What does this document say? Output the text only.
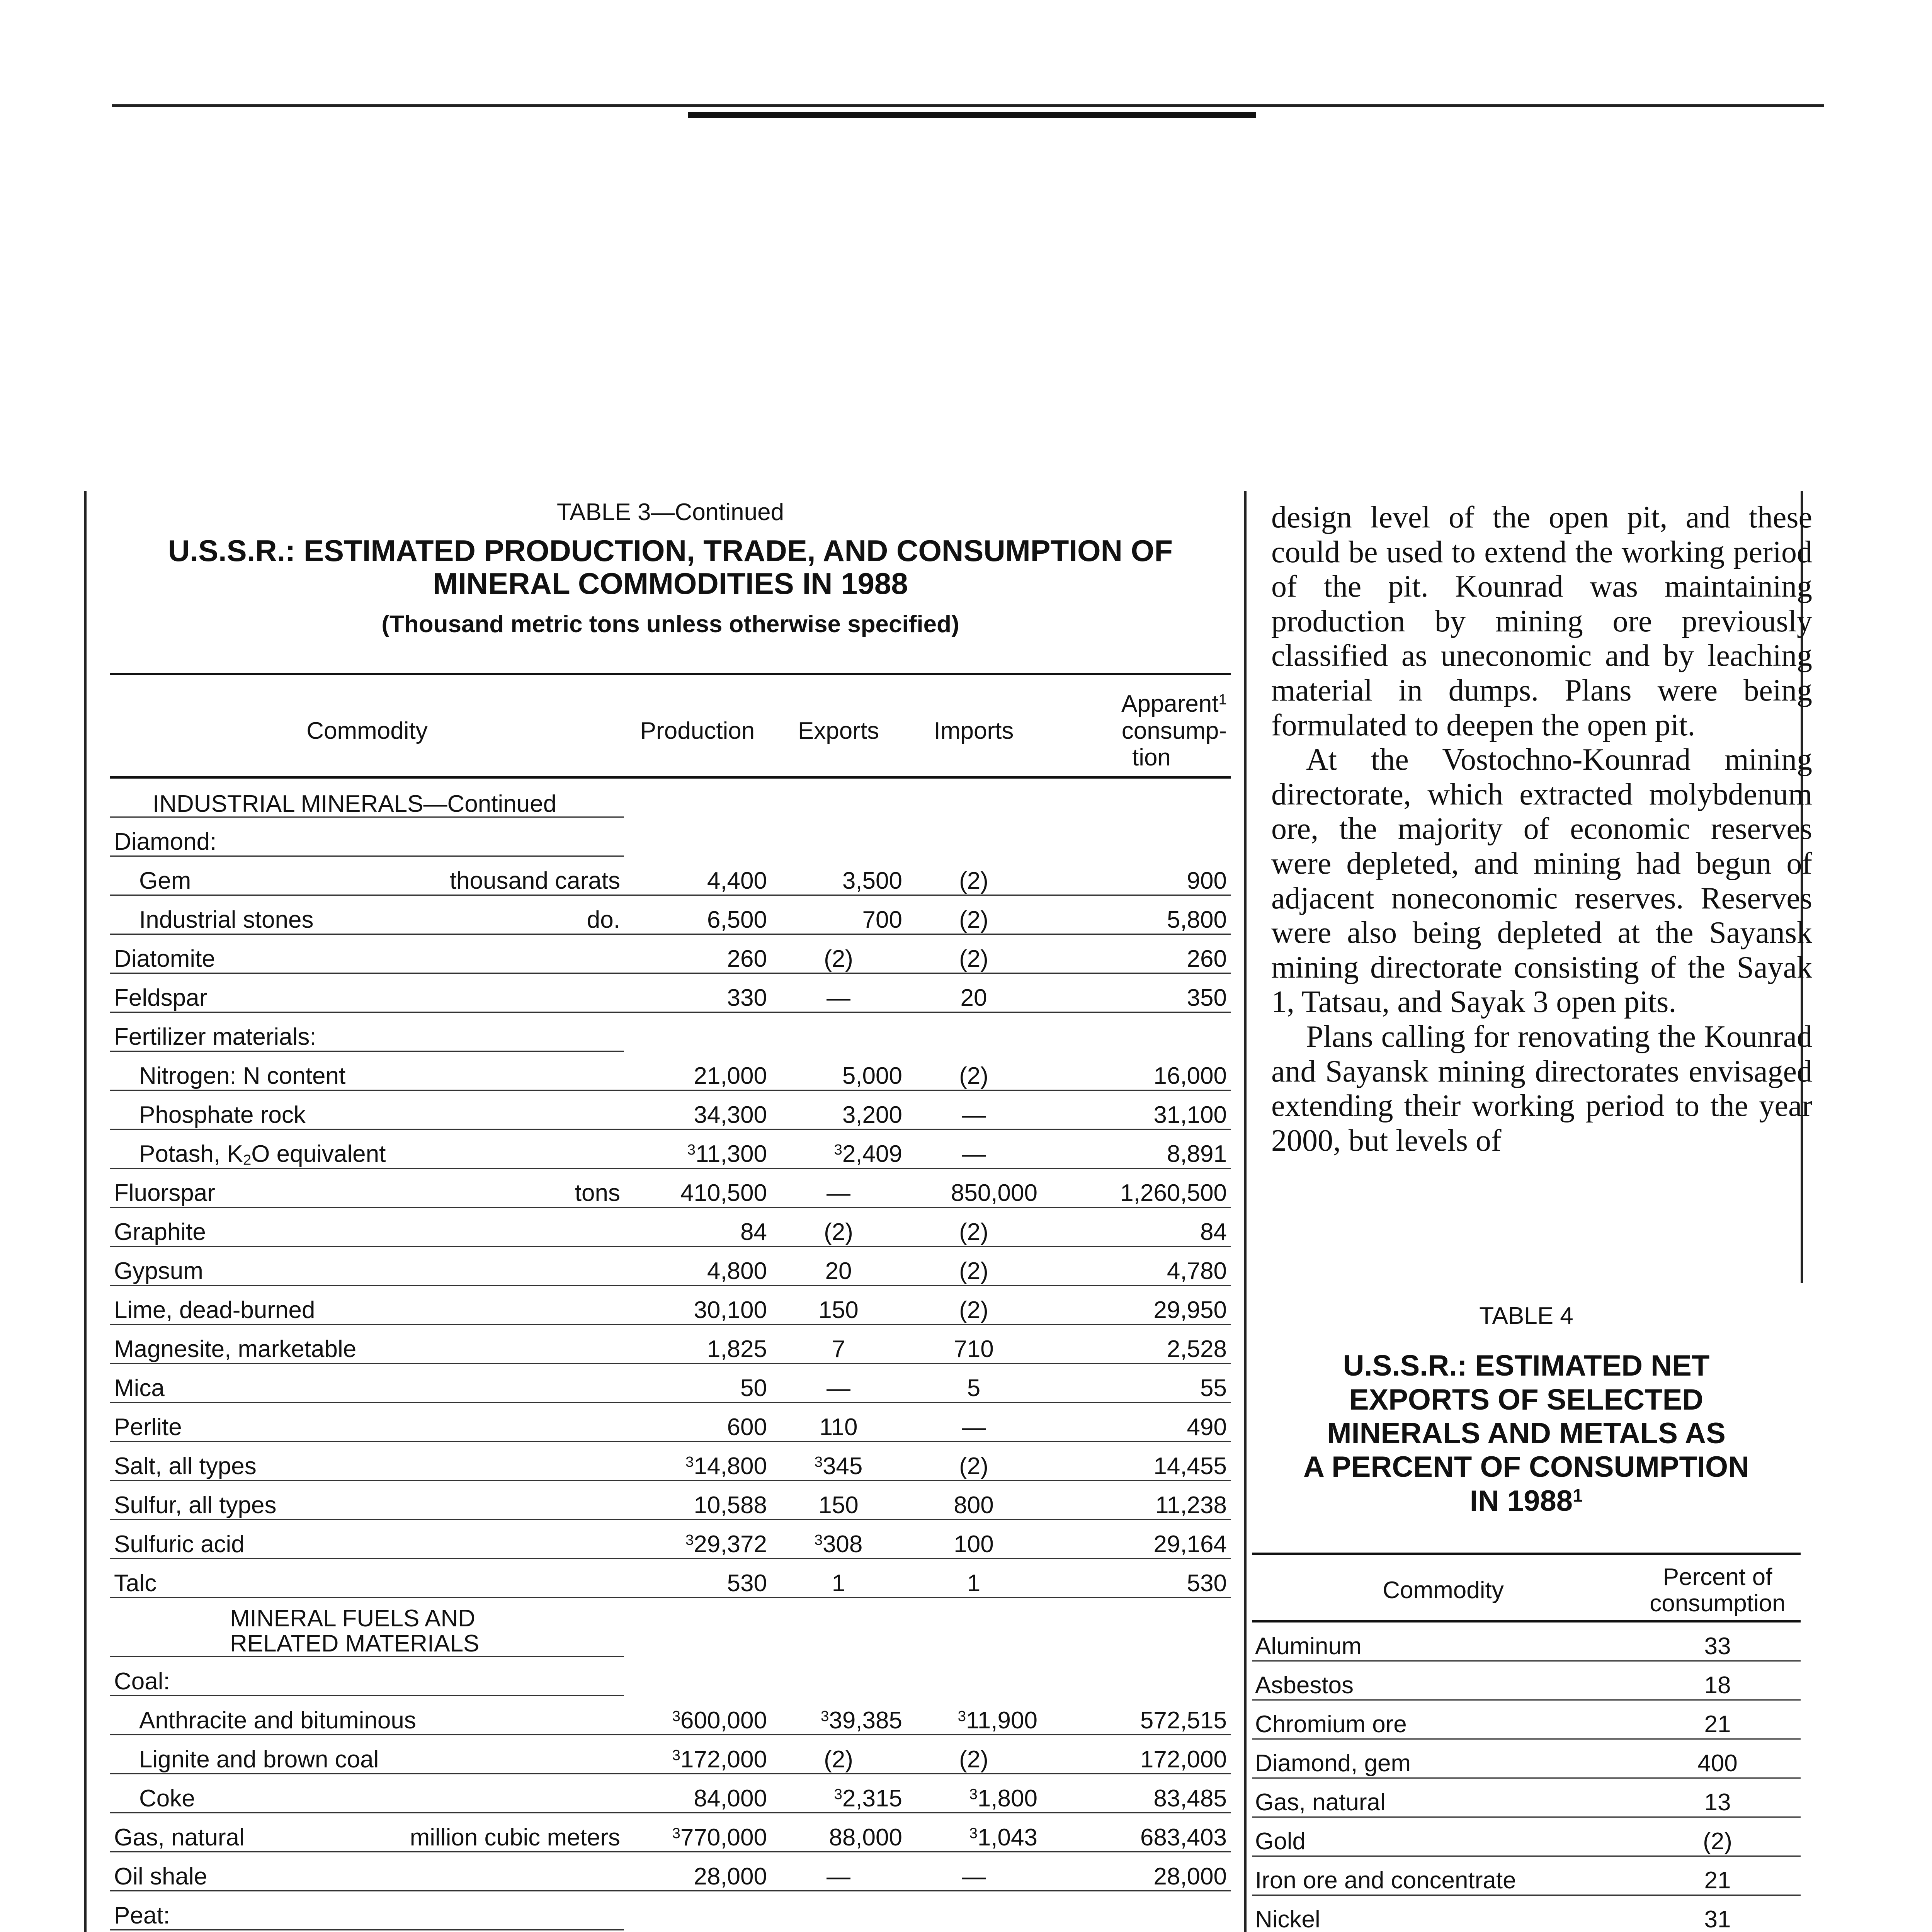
TABLE 3—Continued
U.S.S.R.: ESTIMATED PRODUCTION, TRADE, AND CONSUMPTION OF
MINERAL COMMODITIES IN 1988
(Thousand metric tons unless otherwise specified)
Commodity	Production	Exports	Imports	Apparent$^1$
consump-
tion

INDUSTRIAL MINERALS—Continued				
Diamond:				
Gem thousand carats	4,400	3,500	(2)	900
Industrial stones do.	6,500	700	(2)	5,800
Diatomite	260	(2)	(2)	260
Feldspar	330	—	20	350
Fertilizer materials:				
Nitrogen: N content	21,000	5,000	(2)	16,000
Phosphate rock	34,300	3,200	—	31,100
Potash, $K_2O$ equivalent	$^3$11,300	$^3$2,409	—	8,891
Fluorspar tons	410,500	—	850,000	1,260,500
Graphite	84	(2)	(2)	84
Gypsum	4,800	20	(2)	4,780
Lime, dead-burned	30,100	150	(2)	29,950
Magnesite, marketable	1,825	7	710	2,528
Mica	50	—	5	55
Perlite	600	110	—	490
Salt, all types	$^3$14,800	$^3$345	(2)	14,455
Sulfur, all types	10,588	150	800	11,238
Sulfuric acid	$^3$29,372	$^3$308	100	29,164
Talc	530	1	1	530

MINERAL FUELS AND
RELATED MATERIALS				

Coal:				
Anthracite and bituminous	$^3$600,000	$^3$39,385	$^3$11,900	572,515
Lignite and brown coal	$^3$172,000	(2)	(2)	172,000
Coke	84,000	$^3$2,315	$^3$1,800	83,485
Gas, natural million cubic meters	$^3$770,000	88,000	$^3$1,043	683,403
Oil shale	28,000	—	—	28,000
Peat:				

design level of the open pit, and these could be used to extend the working period of the pit. Kounrad was maintaining production by mining ore previously classified as uneconomic and by leaching material in dumps. Plans were being formulated to deepen the open pit.

At the Vostochno-Kounrad mining directorate, which extracted molybdenum ore, the majority of economic reserves were depleted, and mining had begun of adjacent noneconomic reserves. Reserves were also being depleted at the Sayansk mining directorate consisting of the Sayak 1, Tatsau, and Sayak 3 open pits.

Plans calling for renovating the Kounrad and Sayansk mining directorates envisaged extending their working period to the year 2000, but levels of

TABLE 4
U.S.S.R.: ESTIMATED NET
EXPORTS OF SELECTED
MINERALS AND METALS AS
A PERCENT OF CONSUMPTION
IN 1988$^1$
Commodity	Percent of
consumption

Aluminum	33
Asbestos	18
Chromium ore	21
Diamond, gem	400
Gas, natural	13
Gold	(2)
Iron ore and concentrate	21
Nickel	31
